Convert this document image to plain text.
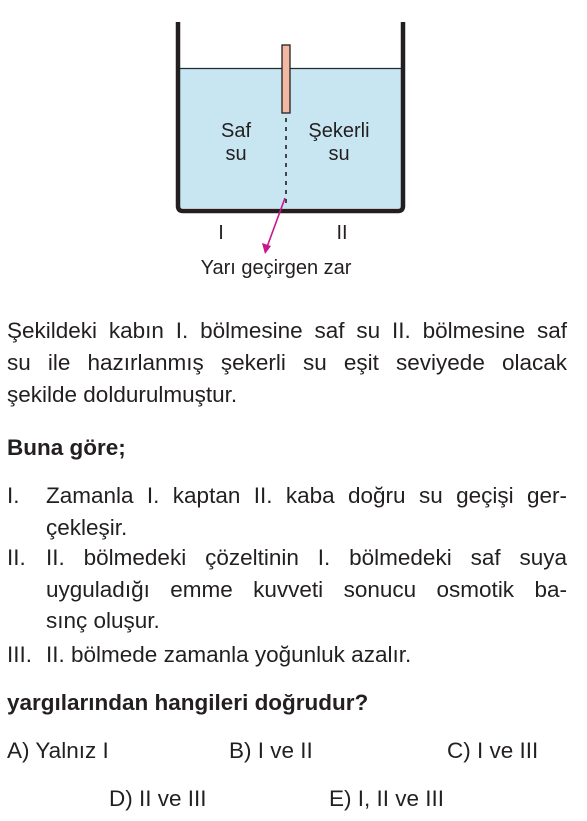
Saf
su
Şekerli
su
I	II
Yarı geçirgen zar
Şekildeki kabın I. bölmesine saf su II. bölmesine saf
su ile hazırlanmış şekerli su eşit seviyede olacak
şekilde doldurulmuştur.
Buna göre;
I. Zamanla I. kaptan II. kaba doğru su geçişi ger-
çekleşir.
II. II. bölmedeki çözeltinin I. bölmedeki saf suya
uyguladığı emme kuvveti sonucu osmotik ba-
sınç oluşur.
III. II. bölmede zamanla yoğunluk azalır.
yargılarından hangileri doğrudur?
A) Yalnız I	B) I ve II	C) I ve III
D) II ve III	E) I, II ve III
